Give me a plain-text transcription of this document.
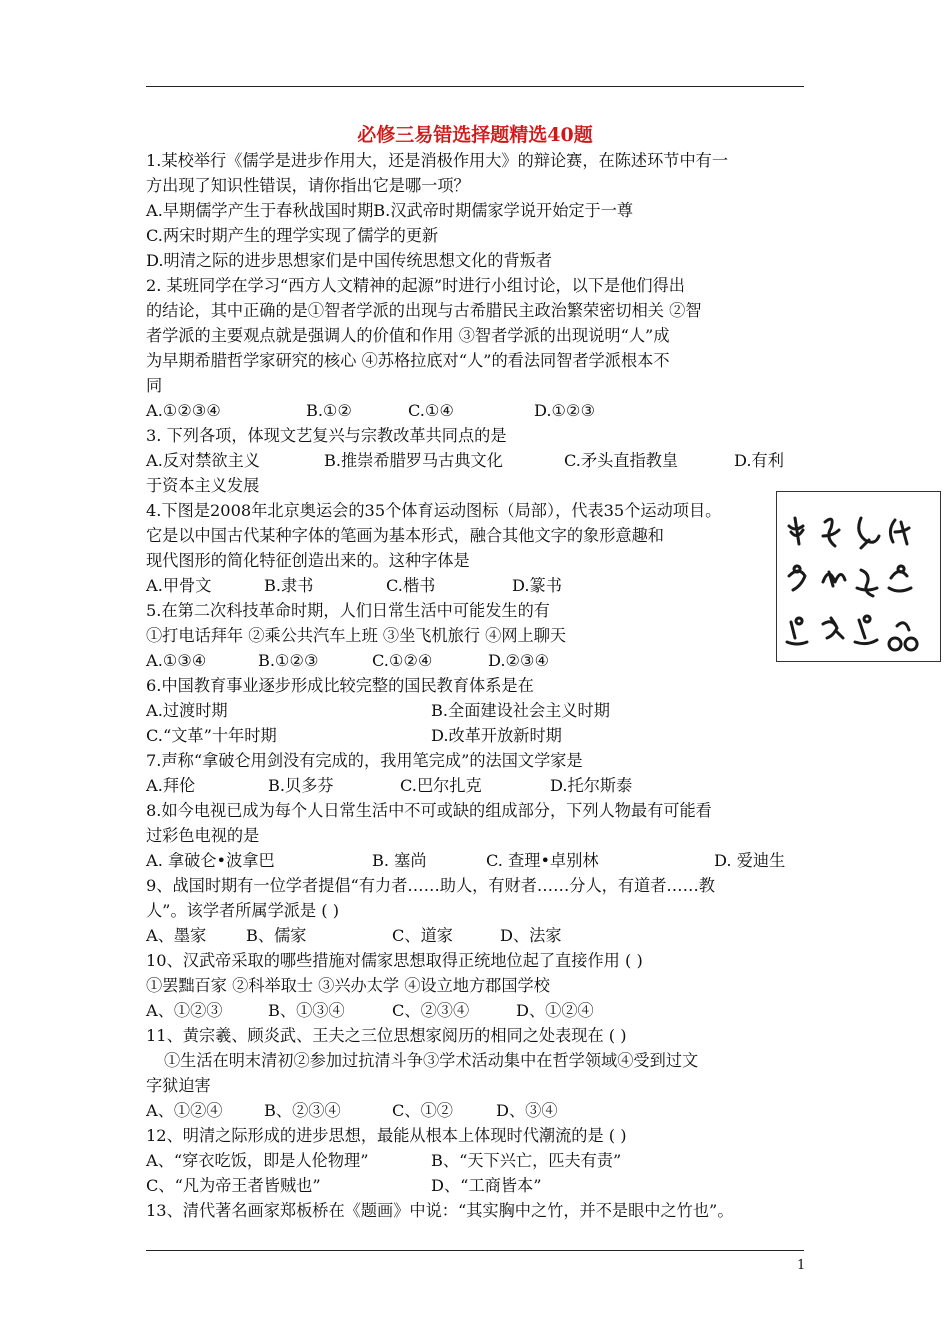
必修三易错选择题精选40题
1.某校举行《儒学是进步作用大，还是消极作用大》的辩论赛，在陈述环节中有一
方出现了知识性错误，请你指出它是哪一项？
A.早期儒学产生于春秋战国时期B.汉武帝时期儒家学说开始定于一尊
C.两宋时期产生的理学实现了儒学的更新
D.明清之际的进步思想家们是中国传统思想文化的背叛者
2. 某班同学在学习“西方人文精神的起源”时进行小组讨论，以下是他们得出
的结论，其中正确的是①智者学派的出现与古希腊民主政治繁荣密切相关 ②智
者学派的主要观点就是强调人的价值和作用 ③智者学派的出现说明“人”成
为早期希腊哲学家研究的核心 ④苏格拉底对“人”的看法同智者学派根本不
同
A.①②③④	B.①②	C.①④	D.①②③
3. 下列各项，体现文艺复兴与宗教改革共同点的是
A.反对禁欲主义	B.推崇希腊罗马古典文化	C.矛头直指教皇	D.有利
于资本主义发展
4.下图是2008年北京奥运会的35个体育运动图标（局部），代表35个运动项目。
它是以中国古代某种字体的笔画为基本形式，融合其他文字的象形意趣和
现代图形的简化特征创造出来的。这种字体是
A.甲骨文	B.隶书	C.楷书	D.篆书
5.在第二次科技革命时期，人们日常生活中可能发生的有
①打电话拜年 ②乘公共汽车上班 ③坐飞机旅行 ④网上聊天
A.①③④	B.①②③	C.①②④	D.②③④
6.中国教育事业逐步形成比较完整的国民教育体系是在
A.过渡时期	B.全面建设社会主义时期
C.“文革”十年时期	D.改革开放新时期
7.声称“拿破仑用剑没有完成的，我用笔完成”的法国文学家是
A.拜伦	B.贝多芬	C.巴尔扎克	D.托尔斯泰
8.如今电视已成为每个人日常生活中不可或缺的组成部分，下列人物最有可能看
过彩色电视的是
A. 拿破仑•波拿巴	B. 塞尚	C. 查理•卓别林	D. 爱迪生
9、战国时期有一位学者提倡“有力者……助人，有财者……分人，有道者……教
人”。该学者所属学派是 ( )
A、墨家 B、儒家	C、道家	D、法家
10、汉武帝采取的哪些措施对儒家思想取得正统地位起了直接作用 ( )
①罢黜百家 ②科举取士 ③兴办太学 ④设立地方郡国学校
A、①②③	B、①③④	C、②③④	D、①②④
11、黄宗羲、顾炎武、王夫之三位思想家阅历的相同之处表现在 ( )
①生活在明末清初②参加过抗清斗争③学术活动集中在哲学领域④受到过文
字狱迫害
A、①②④	B、②③④	C、①②	D、③④
12、明清之际形成的进步思想，最能从根本上体现时代潮流的是 ( )
A、“穿衣吃饭，即是人伦物理”	B、“天下兴亡，匹夫有责”
C、“凡为帝王者皆贼也”	D、“工商皆本”
13、清代著名画家郑板桥在《题画》中说：“其实胸中之竹，并不是眼中之竹也”。
1
